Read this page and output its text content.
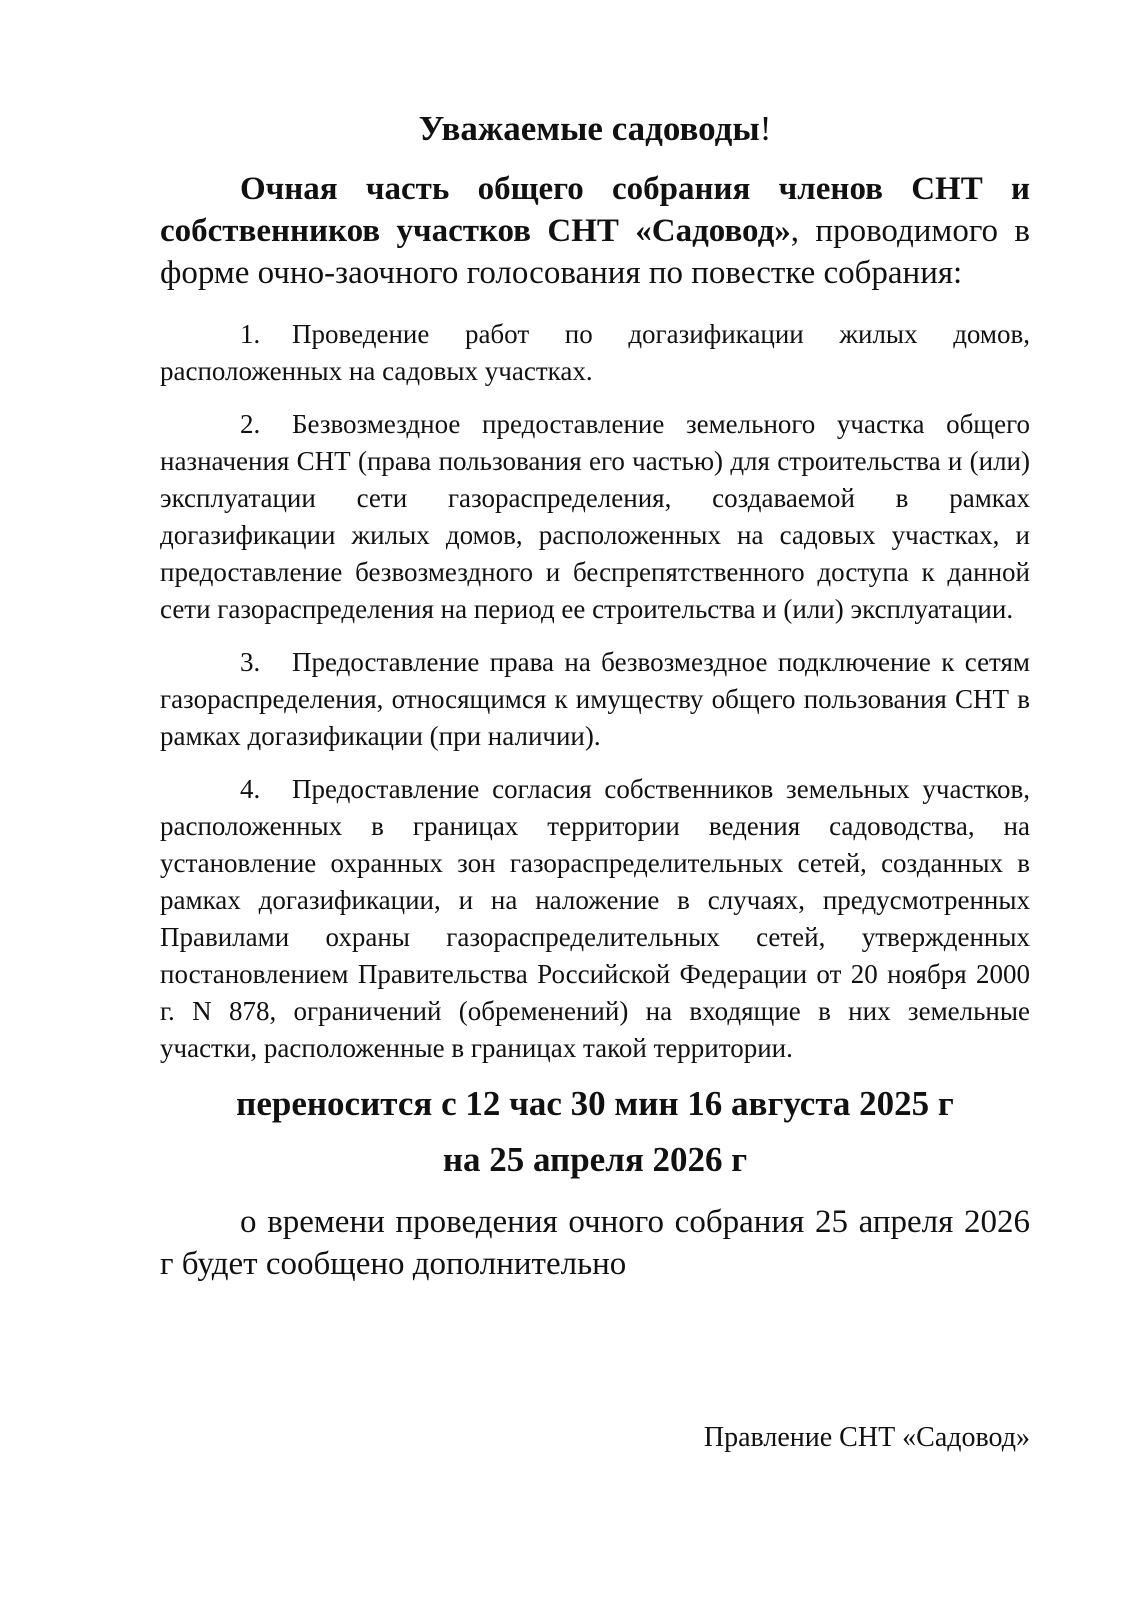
Уважаемые садоводы!

Очная часть общего собрания членов СНТ и собственников участков СНТ «Садовод», проводимого в форме очно-заочного голосования по повестке собрания:

1. Проведение работ по догазификации жилых домов, расположенных на садовых участках.

2. Безвозмездное предоставление земельного участка общего назначения СНТ (права пользования его частью) для строительства и (или) эксплуатации сети газораспределения, создаваемой в рамках догазификации жилых домов, расположенных на садовых участках, и предоставление безвозмездного и беспрепятственного доступа к данной сети газораспределения на период ее строительства и (или) эксплуатации.

3. Предоставление права на безвозмездное подключение к сетям газораспределения, относящимся к имуществу общего пользования СНТ в рамках догазификации (при наличии).

4. Предоставление согласия собственников земельных участков, расположенных в границах территории ведения садоводства, на установление охранных зон газораспределительных сетей, созданных в рамках догазификации, и на наложение в случаях, предусмотренных Правилами охраны газораспределительных сетей, утвержденных постановлением Правительства Российской Федерации от 20 ноября 2000 г. N 878, ограничений (обременений) на входящие в них земельные участки, расположенные в границах такой территории.

переносится с 12 час 30 мин 16 августа 2025 г

на 25 апреля 2026 г

о времени проведения очного собрания 25 апреля 2026 г будет сообщено дополнительно

Правление СНТ «Садовод»
